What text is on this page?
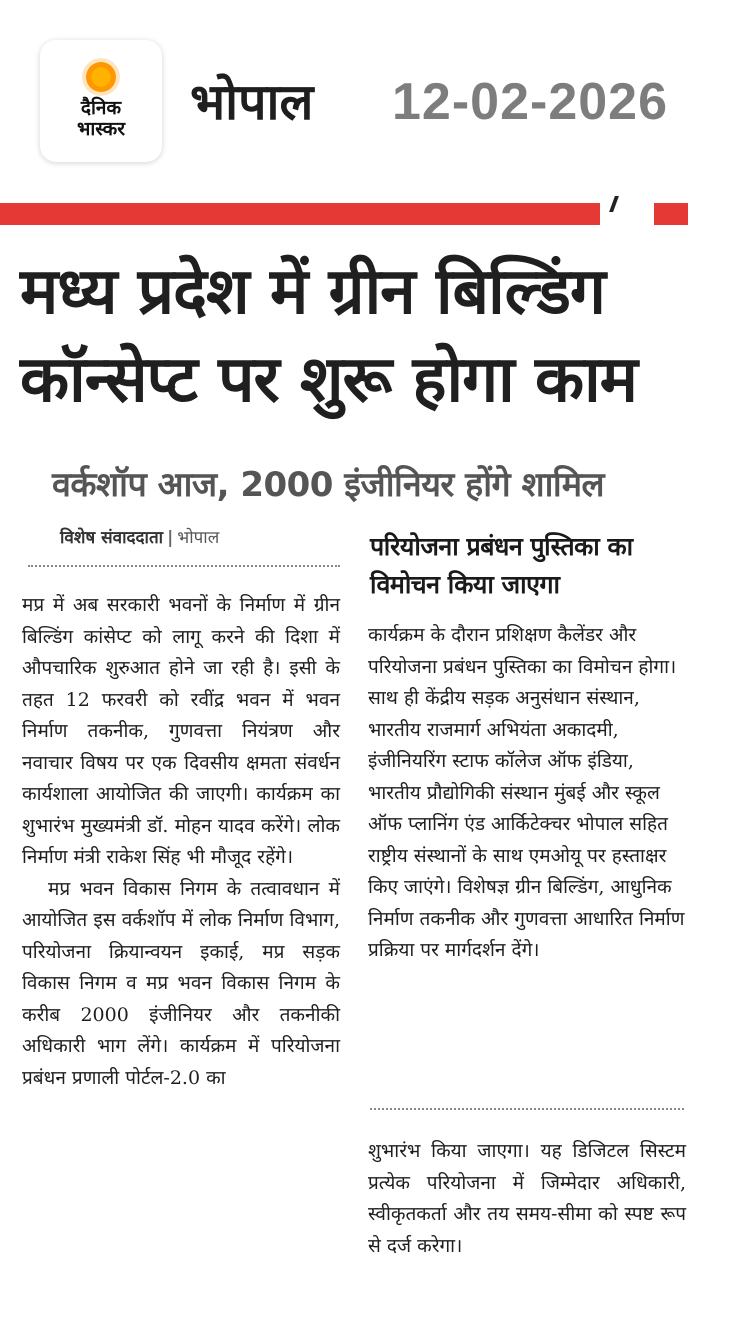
दैनिक
भास्कर भोपाल 12-02-2026
मध्य प्रदेश में ग्रीन बिल्डिंग
कॉन्सेप्ट पर शुरू होगा काम
वर्कशॉप आज, 2000 इंजीनियर होंगे शामिल
विशेष संवाददाता | भोपाल

मप्र में अब सरकारी भवनों के निर्माण में ग्रीन बिल्डिंग कांसेप्ट को लागू करने की दिशा में औपचारिक शुरुआत होने जा रही है। इसी के तहत 12 फरवरी को रवींद्र भवन में भवन निर्माण तकनीक, गुणवत्ता नियंत्रण और नवाचार विषय पर एक दिवसीय क्षमता संवर्धन कार्यशाला आयोजित की जाएगी। कार्यक्रम का शुभारंभ मुख्यमंत्री डॉ. मोहन यादव करेंगे। लोक निर्माण मंत्री राकेश सिंह भी मौजूद रहेंगे।

मप्र भवन विकास निगम के तत्वावधान में आयोजित इस वर्कशॉप में लोक निर्माण विभाग, परियोजना क्रियान्वयन इकाई, मप्र सड़क विकास निगम व मप्र भवन विकास निगम के करीब 2000 इंजीनियर और तकनीकी अधिकारी भाग लेंगे। कार्यक्रम में परियोजना प्रबंधन प्रणाली पोर्टल-2.0 का

परियोजना प्रबंधन पुस्तिका का विमोचन किया जाएगा

कार्यक्रम के दौरान प्रशिक्षण कैलेंडर और परियोजना प्रबंधन पुस्तिका का विमोचन होगा। साथ ही केंद्रीय सड़क अनुसंधान संस्थान, भारतीय राजमार्ग अभियंता अकादमी, इंजीनियरिंग स्टाफ कॉलेज ऑफ इंडिया, भारतीय प्रौद्योगिकी संस्थान मुंबई और स्कूल ऑफ प्लानिंग एंड आर्किटेक्चर भोपाल सहित राष्ट्रीय संस्थानों के साथ एमओयू पर हस्ताक्षर किए जाएंगे। विशेषज्ञ ग्रीन बिल्डिंग, आधुनिक निर्माण तकनीक और गुणवत्ता आधारित निर्माण प्रक्रिया पर मार्गदर्शन देंगे।

शुभारंभ किया जाएगा। यह डिजिटल सिस्टम प्रत्येक परियोजना में जिम्मेदार अधिकारी, स्वीकृतकर्ता और तय समय-सीमा को स्पष्ट रूप से दर्ज करेगा।
